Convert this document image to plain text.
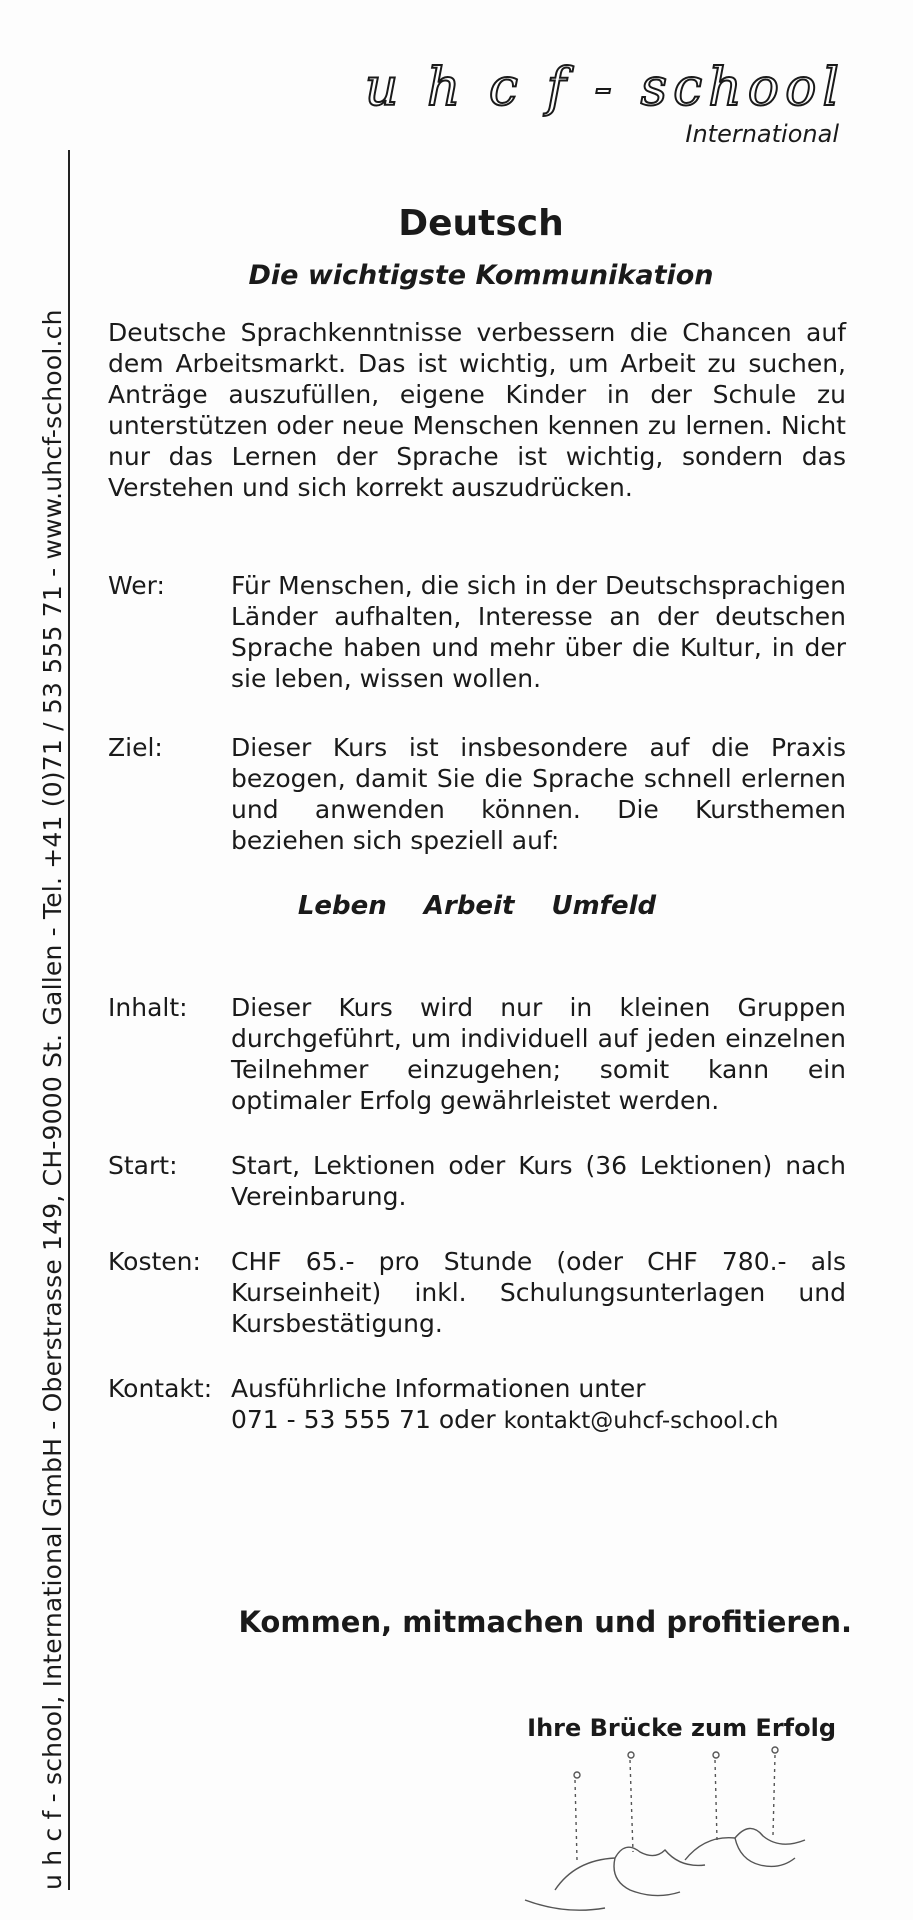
u h c f - school, International GmbH - Oberstrasse 149, CH-9000 St. Gallen - Tel. +41 (0)71 / 53 555 71 - www.uhcf-school.ch
u h c f - school
International
Deutsch
Die wichtigste Kommunikation
Deutsche Sprachkenntnisse verbessern die Chancen auf dem Arbeitsmarkt. Das ist wichtig, um Arbeit zu suchen, Anträge auszufüllen, eigene Kinder in der Schule zu unterstützen oder neue Menschen kennen zu lernen. Nicht nur das Lernen der Sprache ist wichtig, sondern das Verstehen und sich korrekt auszudrücken.
Wer:	Für Menschen, die sich in der Deutschsprachigen Länder aufhalten, Interesse an der deutschen Sprache haben und mehr über die Kultur, in der sie leben, wissen wollen.
Ziel:	Dieser Kurs ist insbesondere auf die Praxis bezogen, damit Sie die Sprache schnell erlernen und anwenden können. Die Kursthemen beziehen sich speziell auf:
Leben Arbeit Umfeld
Inhalt:	Dieser Kurs wird nur in kleinen Gruppen durchgeführt, um individuell auf jeden einzelnen Teilnehmer einzugehen; somit kann ein optimaler Erfolg gewährleistet werden.
Start:	Start, Lektionen oder Kurs (36 Lektionen) nach Vereinbarung.
Kosten:	CHF 65.- pro Stunde (oder CHF 780.- als Kurseinheit) inkl. Schulungsunterlagen und Kursbestätigung.
Kontakt: Ausführliche Informationen unter
071 - 53 555 71 oder kontakt@uhcf-school.ch
Kommen, mitmachen und profitieren.
Ihre Brücke zum Erfolg
